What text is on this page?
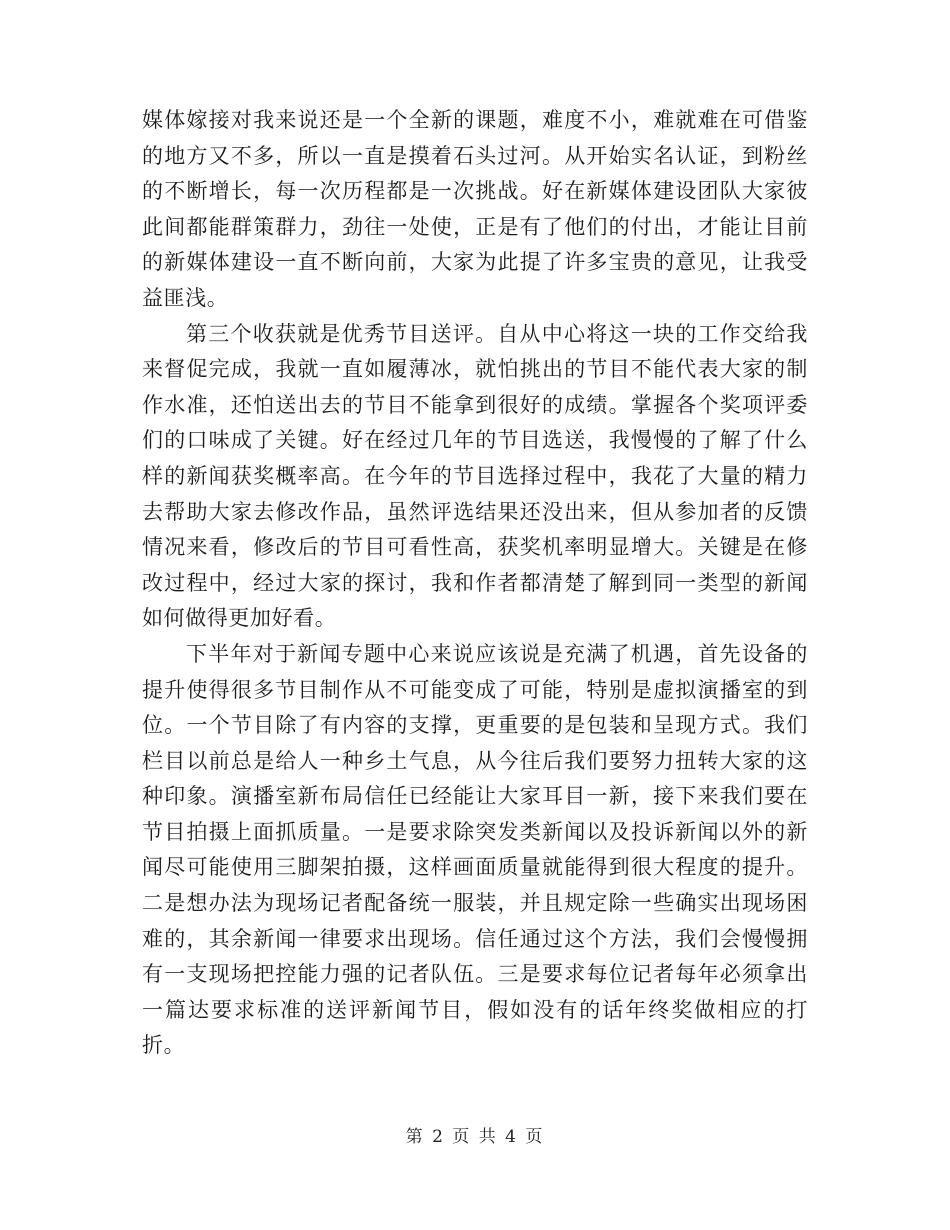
媒体嫁接对我来说还是一个全新的课题，难度不小，难就难在可借鉴的地方又不多，所以一直是摸着石头过河。从开始实名认证，到粉丝的不断增长，每一次历程都是一次挑战。好在新媒体建设团队大家彼此间都能群策群力，劲往一处使，正是有了他们的付出，才能让目前的新媒体建设一直不断向前，大家为此提了许多宝贵的意见，让我受益匪浅。

第三个收获就是优秀节目送评。自从中心将这一块的工作交给我来督促完成，我就一直如履薄冰，就怕挑出的节目不能代表大家的制作水准，还怕送出去的节目不能拿到很好的成绩。掌握各个奖项评委们的口味成了关键。好在经过几年的节目选送，我慢慢的了解了什么样的新闻获奖概率高。在今年的节目选择过程中，我花了大量的精力去帮助大家去修改作品，虽然评选结果还没出来，但从参加者的反馈情况来看，修改后的节目可看性高，获奖机率明显增大。关键是在修改过程中，经过大家的探讨，我和作者都清楚了解到同一类型的新闻如何做得更加好看。

下半年对于新闻专题中心来说应该说是充满了机遇，首先设备的提升使得很多节目制作从不可能变成了可能，特别是虚拟演播室的到位。一个节目除了有内容的支撑，更重要的是包装和呈现方式。我们栏目以前总是给人一种乡土气息，从今往后我们要努力扭转大家的这种印象。演播室新布局信任已经能让大家耳目一新，接下来我们要在节目拍摄上面抓质量。一是要求除突发类新闻以及投诉新闻以外的新闻尽可能使用三脚架拍摄，这样画面质量就能得到很大程度的提升。二是想办法为现场记者配备统一服装，并且规定除一些确实出现场困难的，其余新闻一律要求出现场。信任通过这个方法，我们会慢慢拥有一支现场把控能力强的记者队伍。三是要求每位记者每年必须拿出一篇达要求标准的送评新闻节目，假如没有的话年终奖做相应的打折。

第 2 页 共 4 页
